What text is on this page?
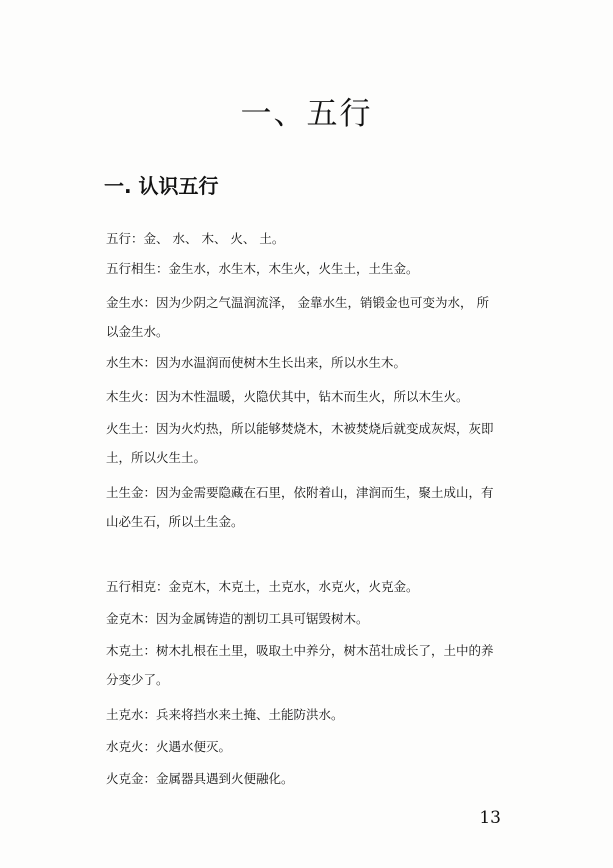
一、五行
一. 认识五行

五行：金、 水、 木、 火、 土。

五行相生：金生水，水生木，木生火，火生土，土生金。

金生水：因为少阴之气温润流泽， 金靠水生，销锻金也可变为水， 所以金生水。

水生木：因为水温润而使树木生长出来，所以水生木。

木生火：因为木性温暖，火隐伏其中，钻木而生火，所以木生火。

火生土：因为火灼热，所以能够焚烧木，木被焚烧后就变成灰烬，灰即土，所以火生土。

土生金：因为金需要隐藏在石里，依附着山，津润而生，聚土成山，有山必生石，所以土生金。

五行相克：金克木，木克土，土克水，水克火，火克金。

金克木：因为金属铸造的割切工具可锯毁树木。

木克土：树木扎根在土里，吸取土中养分，树木茁壮成长了，土中的养分变少了。

土克水：兵来将挡水来土掩、土能防洪水。

水克火：火遇水便灭。

火克金：金属器具遇到火便融化。

13
